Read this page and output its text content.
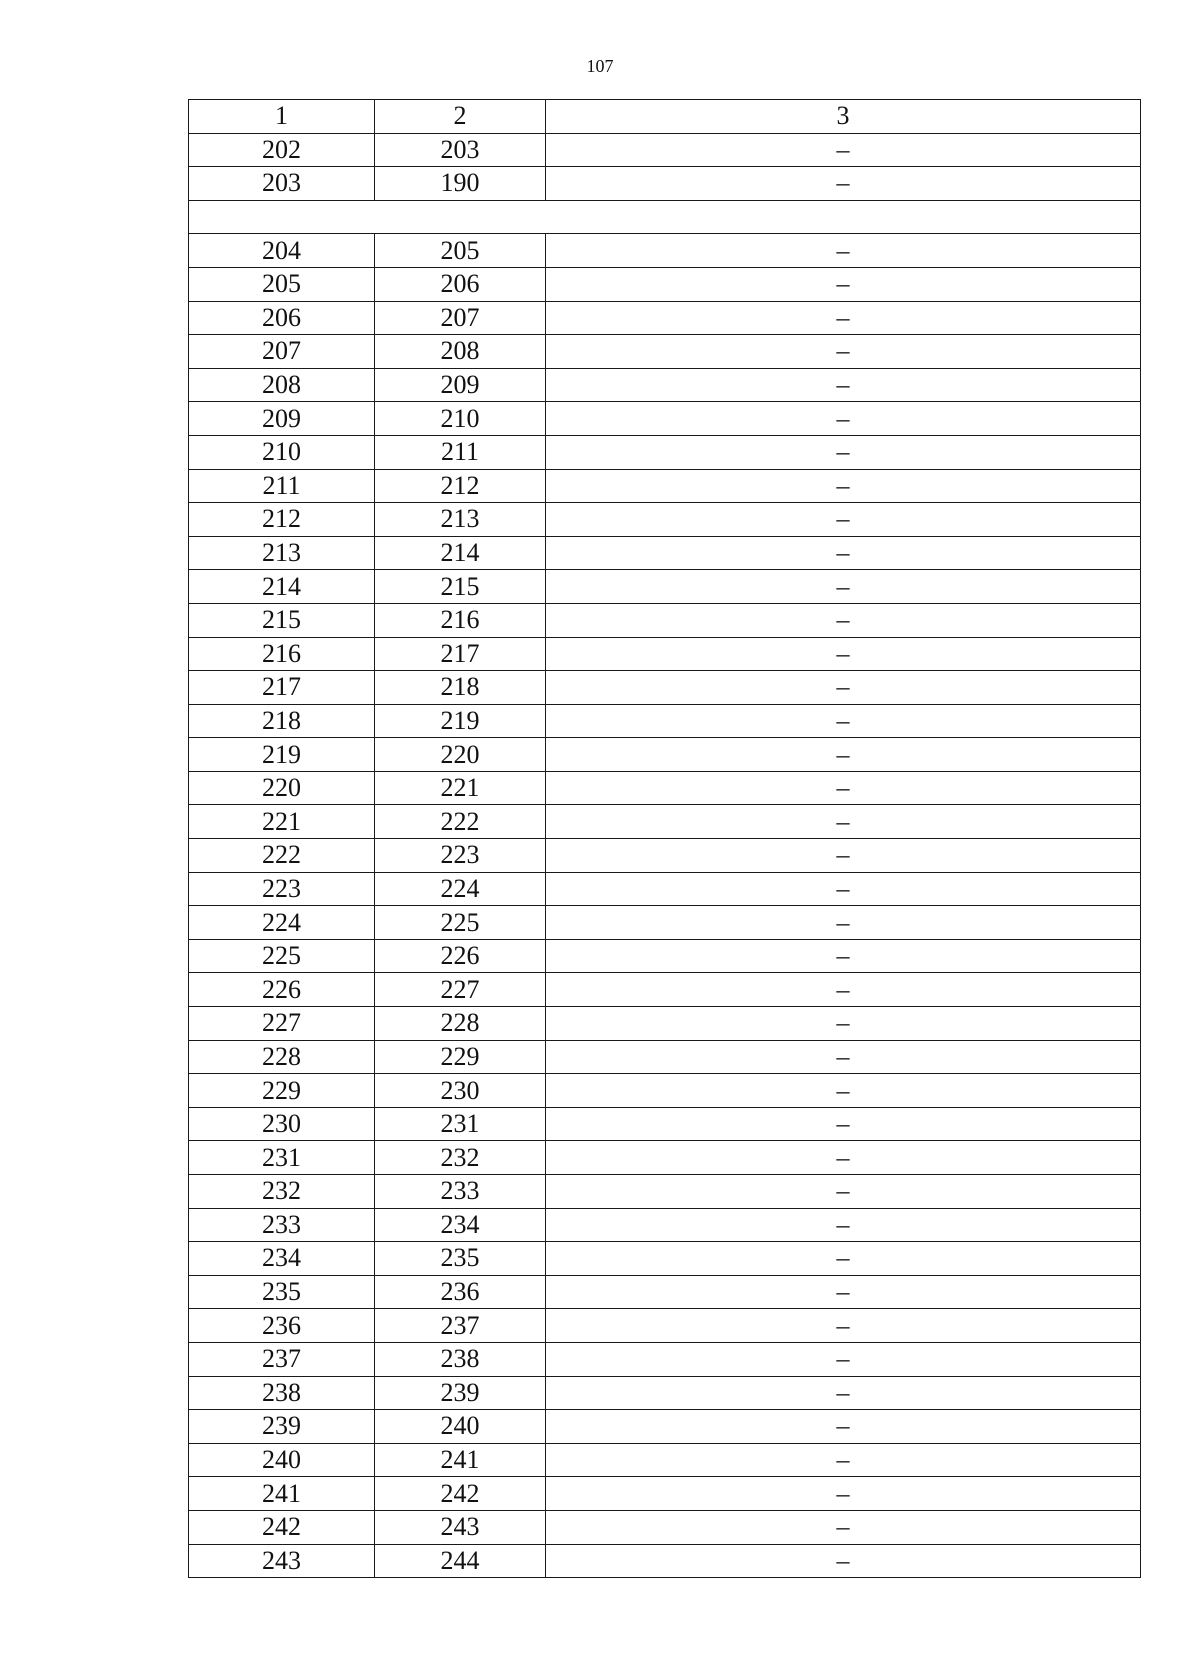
107
1	2	3
202	203	–
203	190	–

204	205	–
205	206	–
206	207	–
207	208	–
208	209	–
209	210	–
210	211	–
211	212	–
212	213	–
213	214	–
214	215	–
215	216	–
216	217	–
217	218	–
218	219	–
219	220	–
220	221	–
221	222	–
222	223	–
223	224	–
224	225	–
225	226	–
226	227	–
227	228	–
228	229	–
229	230	–
230	231	–
231	232	–
232	233	–
233	234	–
234	235	–
235	236	–
236	237	–
237	238	–
238	239	–
239	240	–
240	241	–
241	242	–
242	243	–
243	244	–
